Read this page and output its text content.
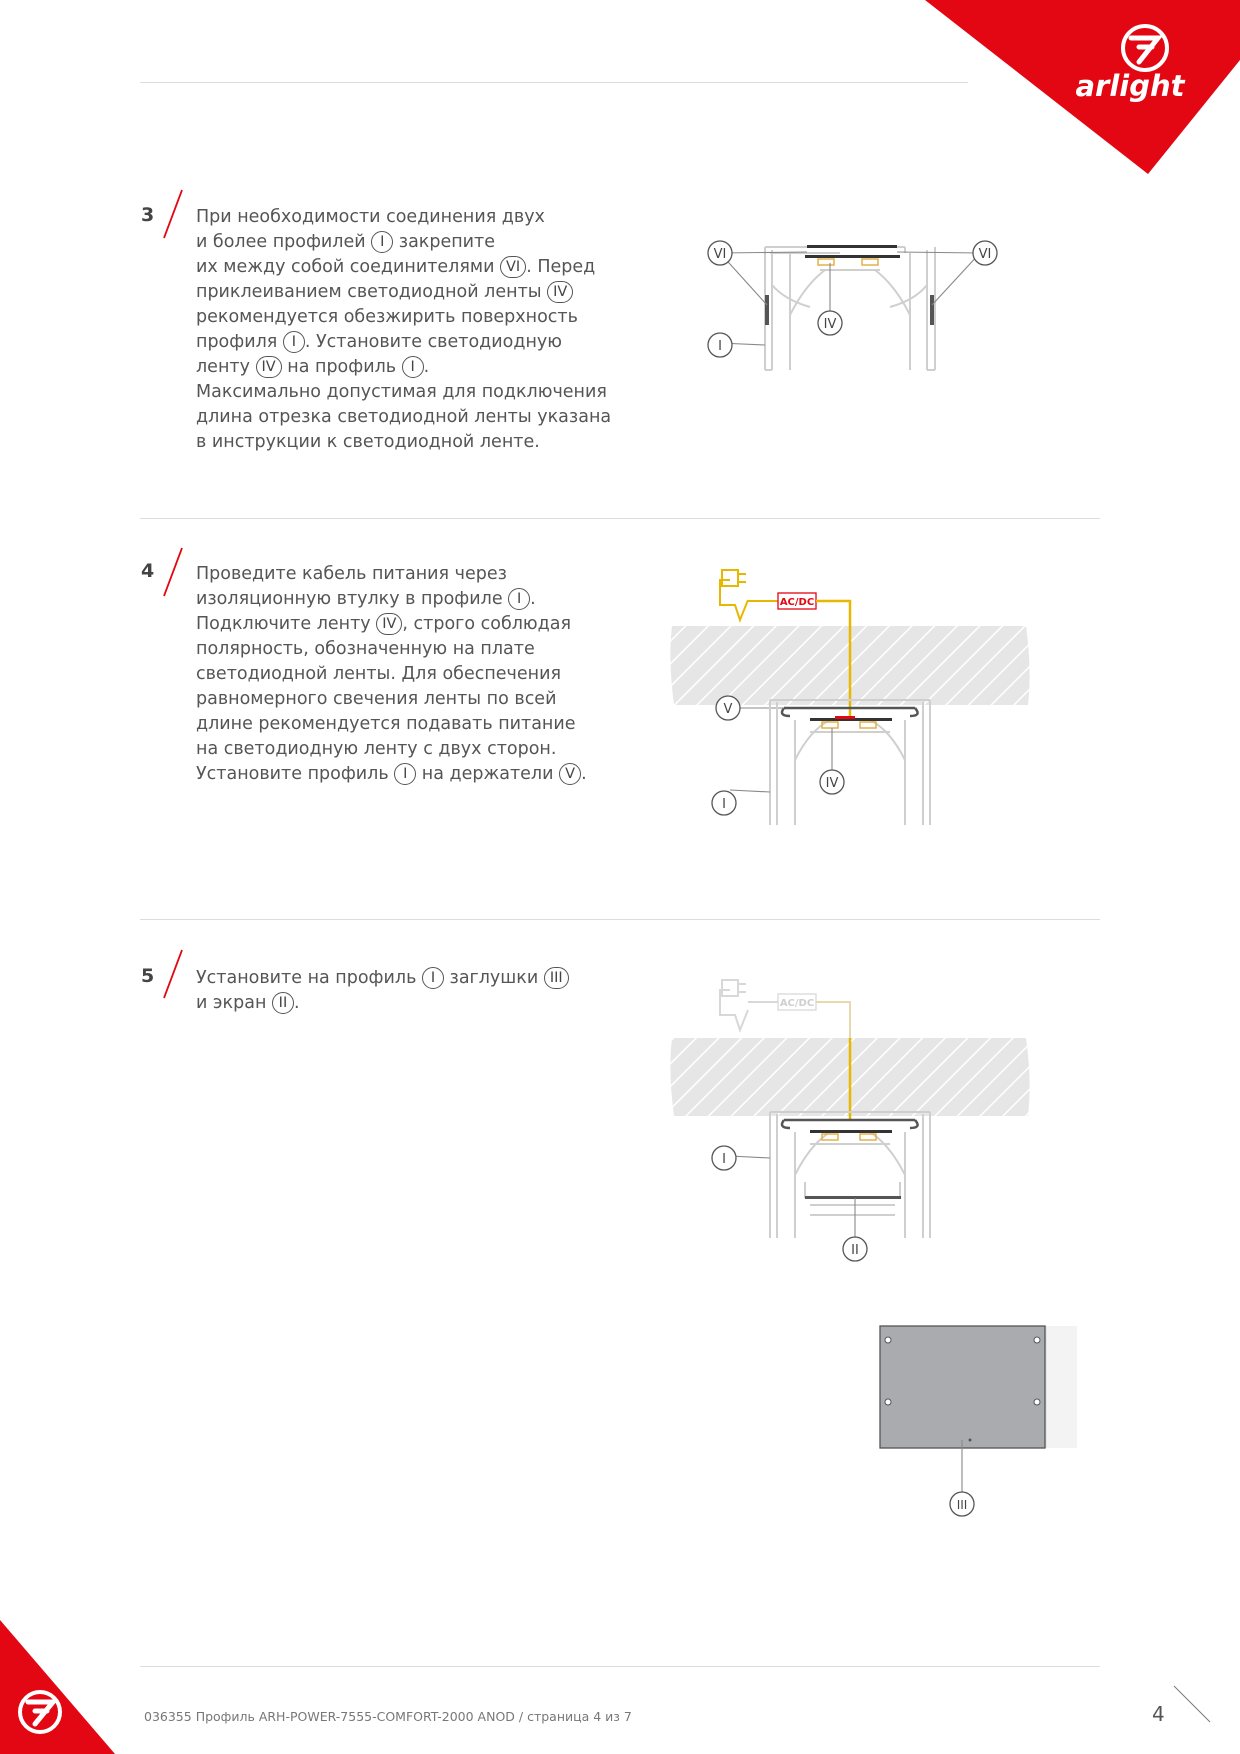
arlight
3 При необходимости соединения двух
и более профилей I закрепите
их между собой соединителями VI . Перед
приклеиванием светодиодной ленты IV
рекомендуется обезжирить поверхность
профиля I . Установите светодиодную
ленту IV на профиль I .
Максимально допустимая для подключения
длина отрезка светодиодной ленты указана
в инструкции к светодиодной ленте.
VI	VI
IV
I
4 Проведите кабель питания через
изоляционную втулку в профиле I .
Подключите ленту IV , строго соблюдая
полярность, обозначенную на плате
светодиодной ленты. Для обеспечения
равномерного свечения ленты по всей
длине рекомендуется подавать питание
на светодиодную ленту с двух сторон.
Установите профиль I на держатели V .
AC/DC
V
IV
I
5 Установите на профиль I заглушки III
и экран II .	AC/DC
I
II
III
036355 Профиль ARH-POWER-7555-COMFORT-2000 ANOD / страница 4 из 7	4
